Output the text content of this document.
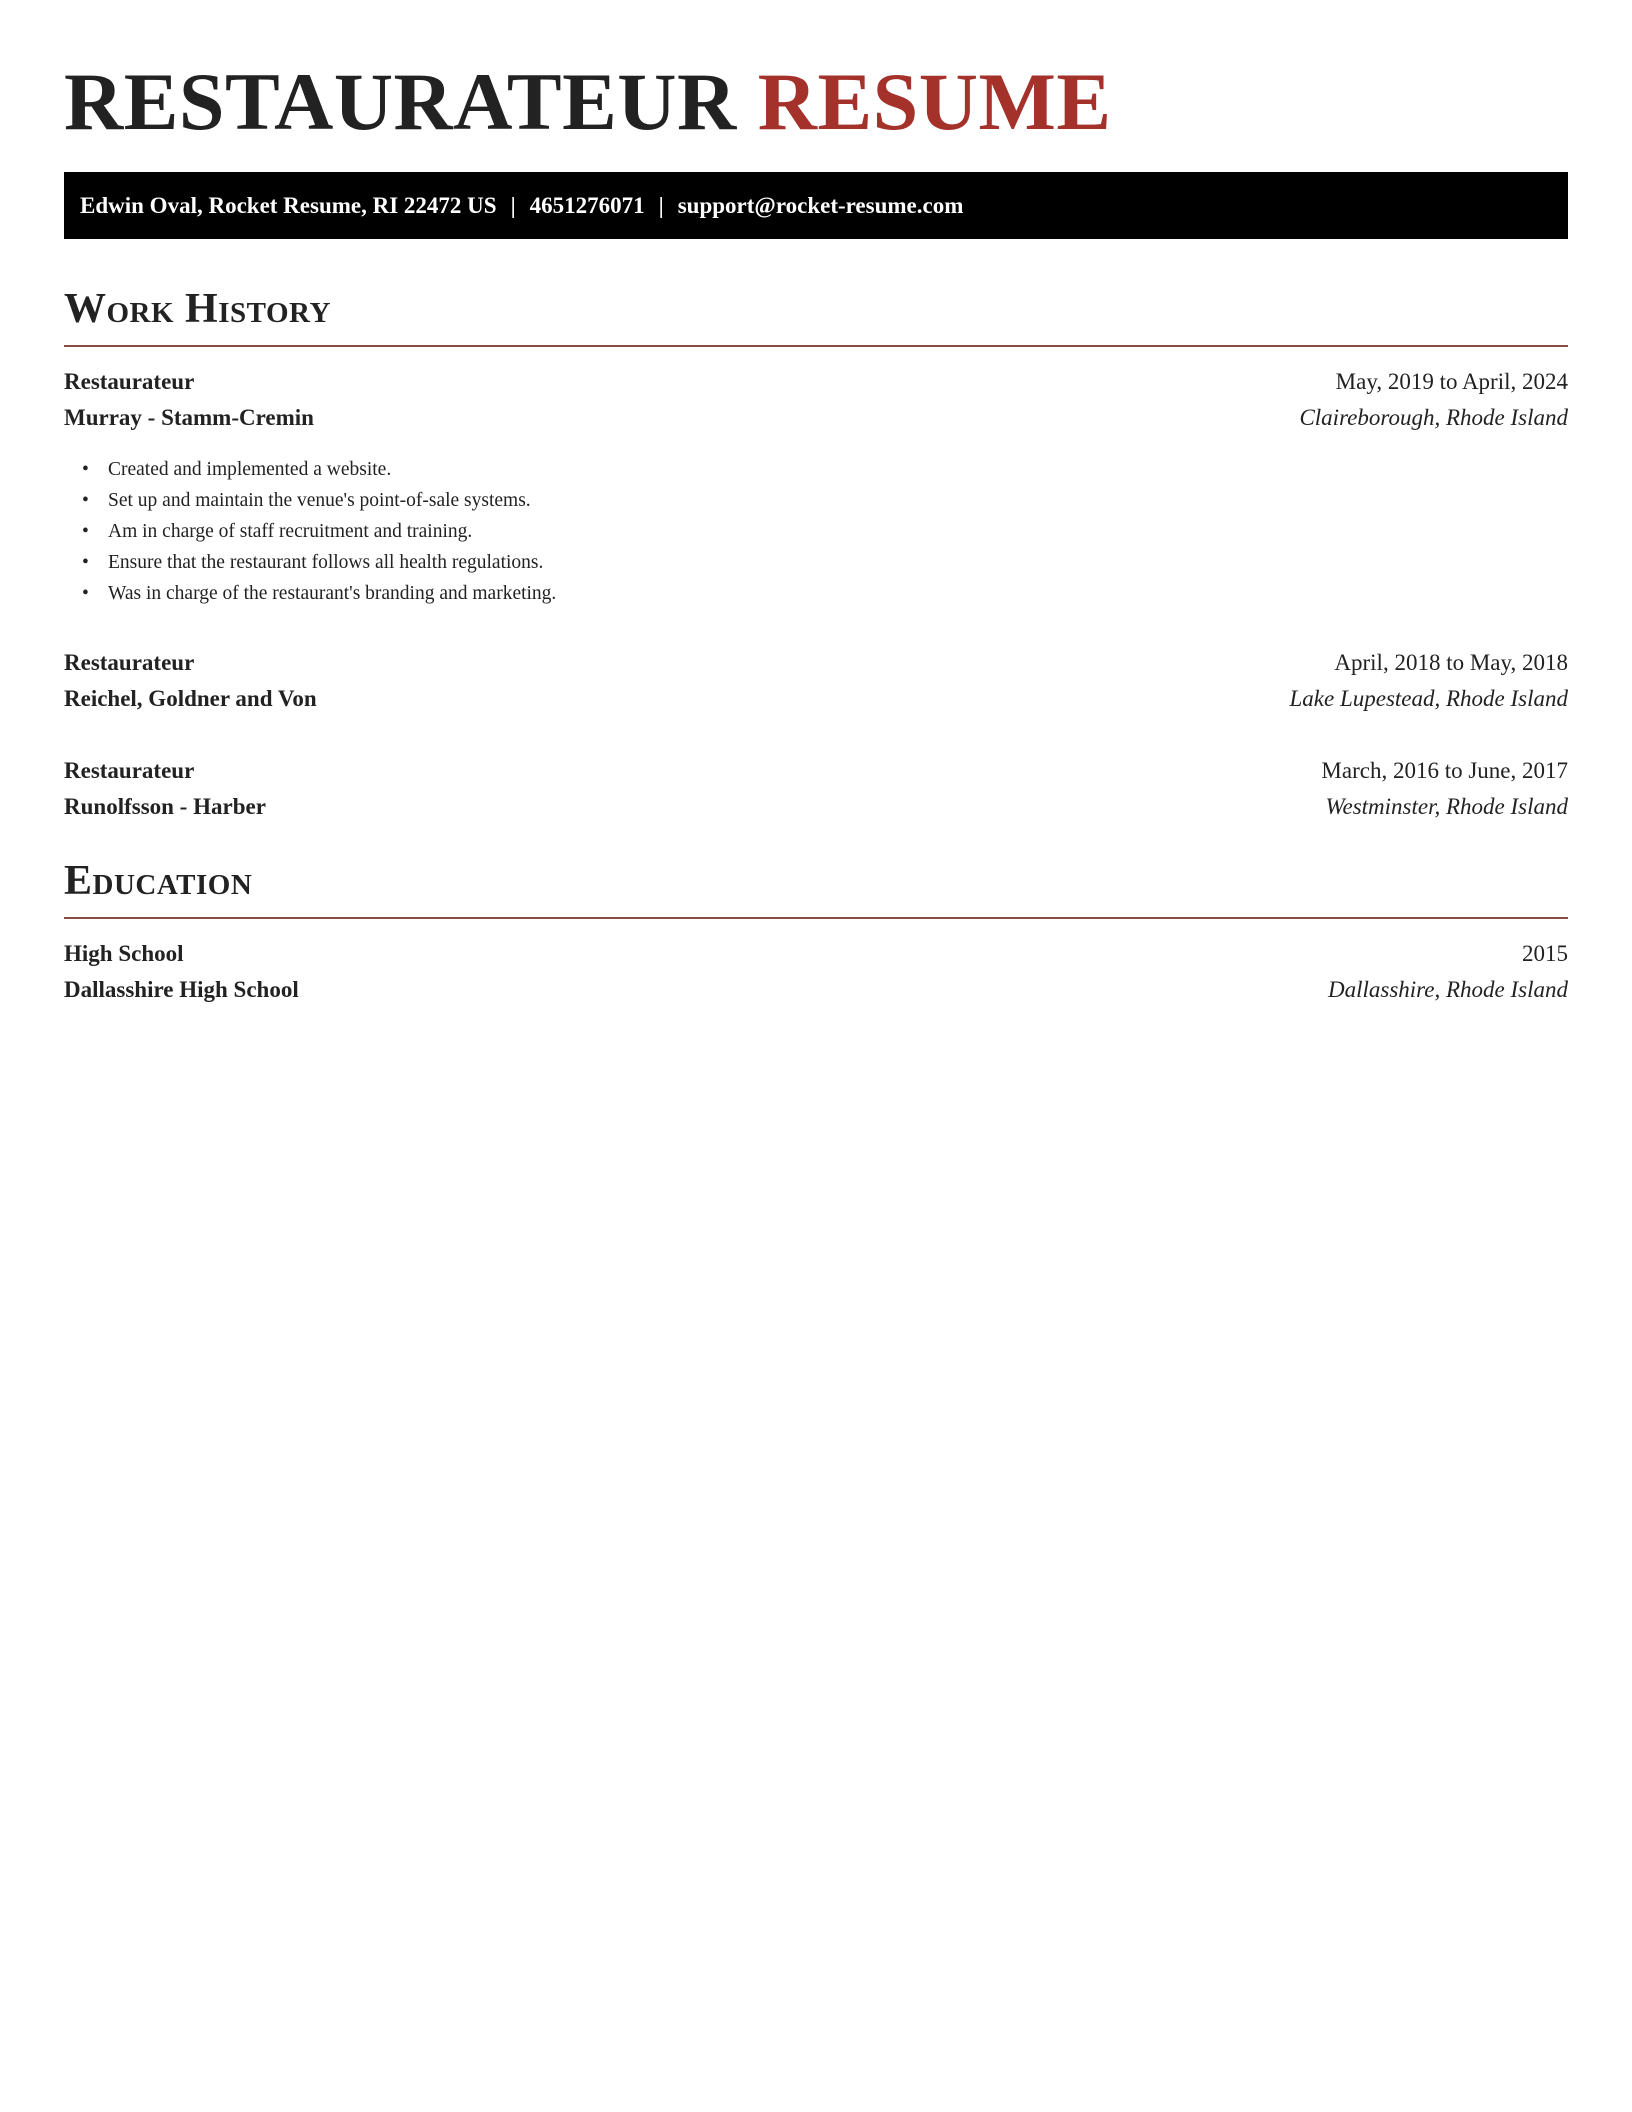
RESTAURATEUR RESUME
Edwin Oval, Rocket Resume, RI 22472 US | 4651276071 | support@rocket-resume.com
Work History
Restaurateur	May, 2019 to April, 2024
Murray - Stamm-Cremin	Claireborough, Rhode Island
• Created and implemented a website.
• Set up and maintain the venue's point-of-sale systems.
• Am in charge of staff recruitment and training.
• Ensure that the restaurant follows all health regulations.
• Was in charge of the restaurant's branding and marketing.
Restaurateur	April, 2018 to May, 2018
Reichel, Goldner and Von	Lake Lupestead, Rhode Island
Restaurateur	March, 2016 to June, 2017
Runolfsson - Harber	Westminster, Rhode Island
Education
High School	2015
Dallasshire High School	Dallasshire, Rhode Island
